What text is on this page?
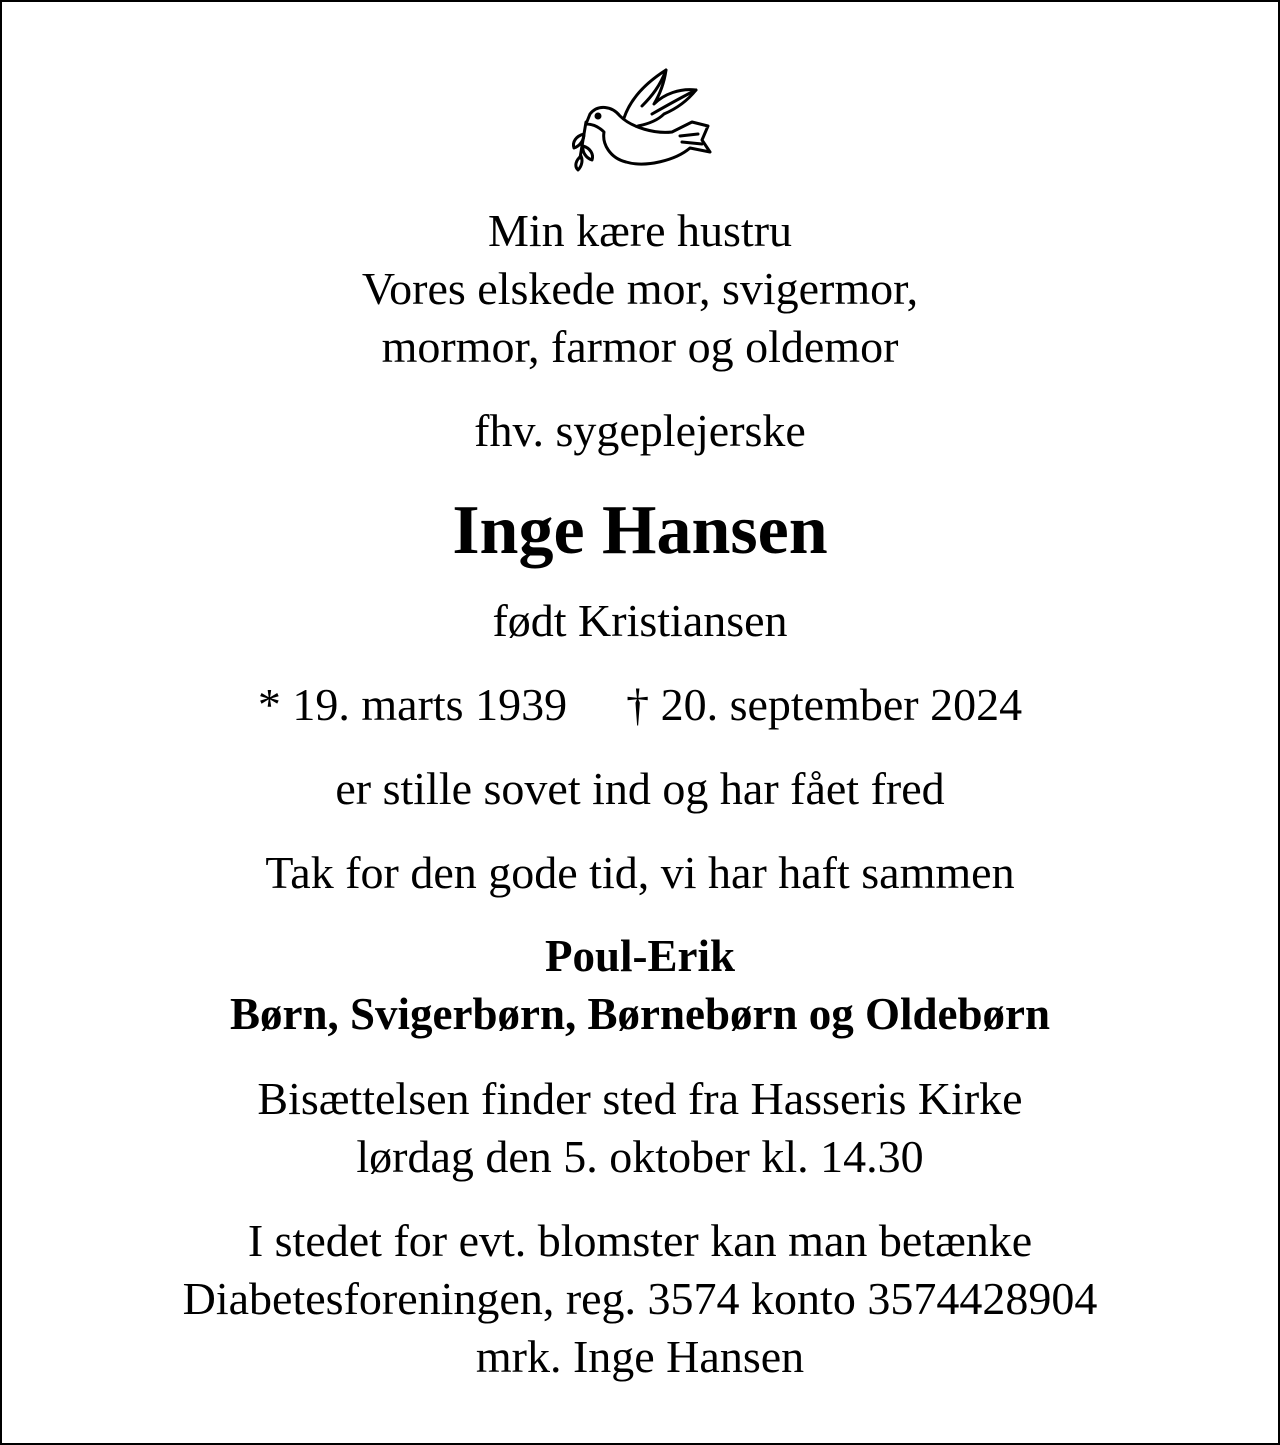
Min kære hustru
Vores elskede mor, svigermor,
mormor, farmor og oldemor
fhv. sygeplejerske
Inge Hansen
født Kristiansen
* 19. marts 1939 † 20. september 2024
er stille sovet ind og har fået fred
Tak for den gode tid, vi har haft sammen
Poul-Erik
Børn, Svigerbørn, Børnebørn og Oldebørn
Bisættelsen finder sted fra Hasseris Kirke
lørdag den 5. oktober kl. 14.30
I stedet for evt. blomster kan man betænke
Diabetesforeningen, reg. 3574 konto 3574428904
mrk. Inge Hansen
